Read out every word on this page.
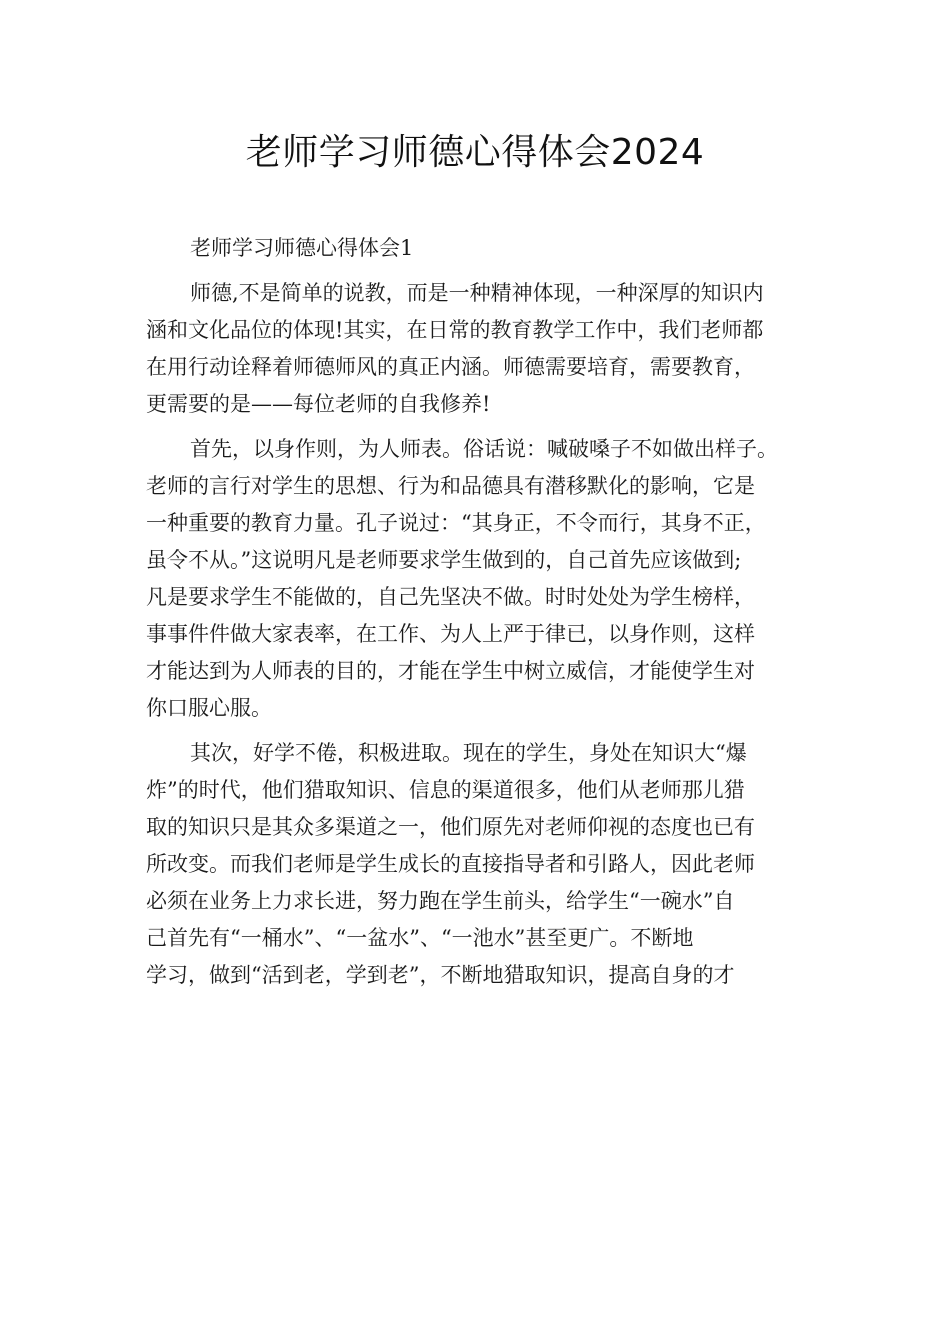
老师学习师德心得体会2024
老师学习师德心得体会1
师德,不是简单的说教，而是一种精神体现，一种深厚的知识内
涵和文化品位的体现!其实，在日常的教育教学工作中，我们老师都
在用行动诠释着师德师风的真正内涵。师德需要培育，需要教育，
更需要的是——每位老师的自我修养!
首先，以身作则，为人师表。俗话说：喊破嗓子不如做出样子。
老师的言行对学生的思想、行为和品德具有潜移默化的影响，它是
一种重要的教育力量。孔子说过：“其身正，不令而行，其身不正，
虽令不从。”这说明凡是老师要求学生做到的，自己首先应该做到;
凡是要求学生不能做的，自己先坚决不做。时时处处为学生榜样，
事事件件做大家表率，在工作、为人上严于律已，以身作则，这样
才能达到为人师表的目的，才能在学生中树立威信，才能使学生对
你口服心服。
其次，好学不倦，积极进取。现在的学生，身处在知识大“爆
炸”的时代，他们猎取知识、信息的渠道很多，他们从老师那儿猎
取的知识只是其众多渠道之一，他们原先对老师仰视的态度也已有
所改变。而我们老师是学生成长的直接指导者和引路人，因此老师
必须在业务上力求长进，努力跑在学生前头，给学生“一碗水”自
己首先有“一桶水”、“一盆水”、“一池水”甚至更广。不断地
学习，做到“活到老，学到老”，不断地猎取知识，提高自身的才
